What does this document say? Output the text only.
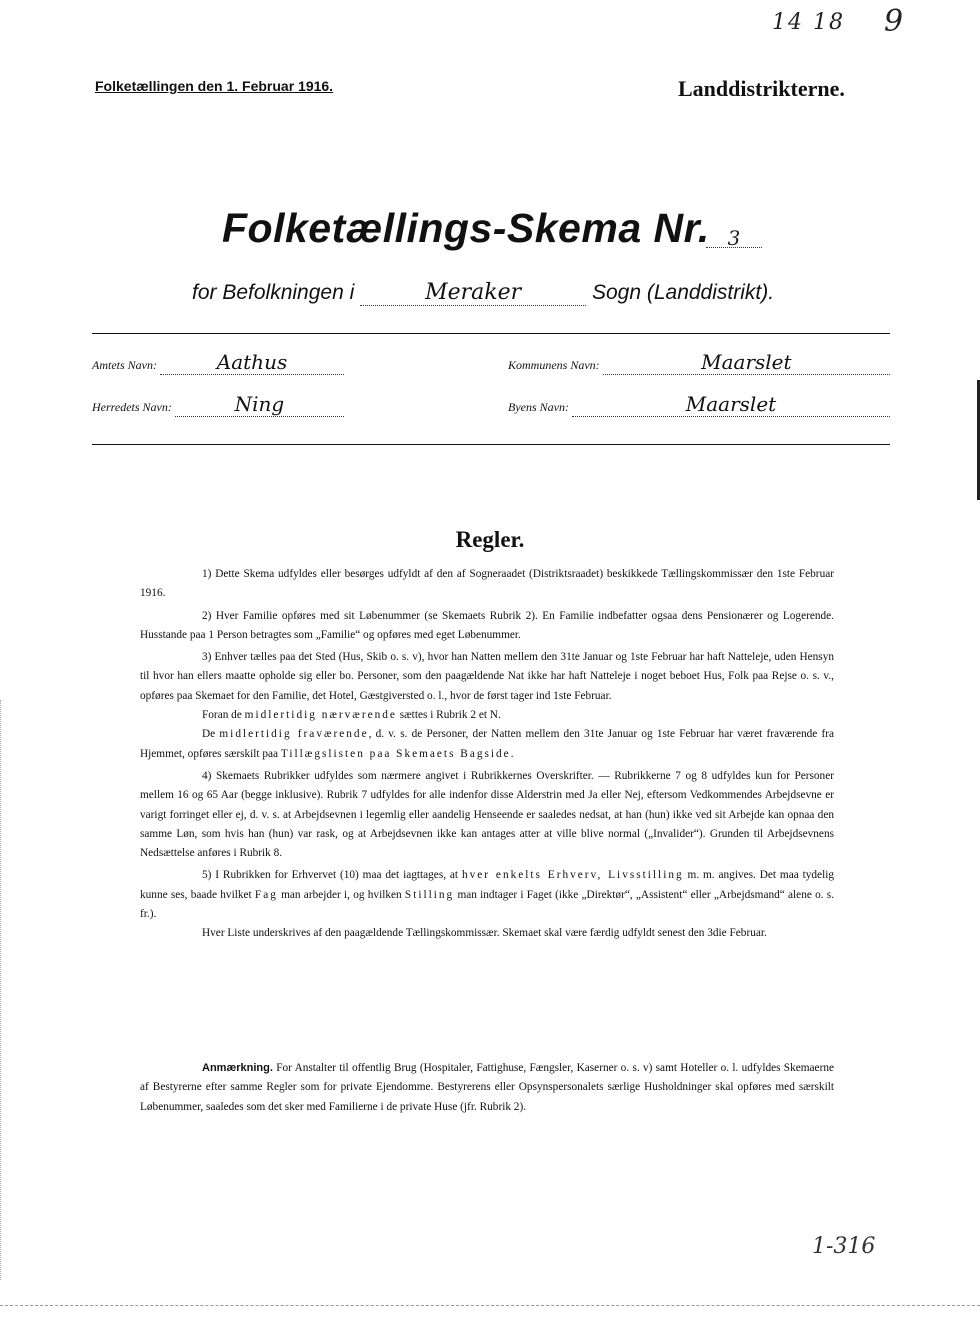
14 18 9
Folketællingen den 1. Februar 1916.	Landdistrikterne.
Folketællings-Skema Nr. 3
for Befolkningen i	Meraker	Sogn (Landdistrikt).
Amtets Navn:	Aathus	Kommunens Navn:	Maarslet
Herredets Navn:	Ning	Byens Navn:	Maarslet
Regler.

1) Dette Skema udfyldes eller besørges udfyldt af den af Sogneraadet (Distriktsraadet) beskikkede Tællingskommissær den 1ste Februar 1916.

2) Hver Familie opføres med sit Løbenummer (se Skemaets Rubrik 2). En Familie indbefatter ogsaa dens Pensionærer og Logerende. Husstande paa 1 Person betragtes som „Familie“ og opføres med eget Løbenummer.

3) Enhver tælles paa det Sted (Hus, Skib o. s. v), hvor han Natten mellem den 31te Januar og 1ste Februar har haft Natteleje, uden Hensyn til hvor han ellers maatte opholde sig eller bo. Personer, som den paagældende Nat ikke har haft Natteleje i noget beboet Hus, Folk paa Rejse o. s. v., opføres paa Skemaet for den Familie, det Hotel, Gæstgiversted o. l., hvor de først tager ind 1ste Februar.

Foran de midlertidig nærværende sættes i Rubrik 2 et N.

De midlertidig fraværende, d. v. s. de Personer, der Natten mellem den 31te Januar og 1ste Februar har været fraværende fra Hjemmet, opføres særskilt paa Tillægslisten paa Skemaets Bagside.

4) Skemaets Rubrikker udfyldes som nærmere angivet i Rubrikkernes Overskrifter. — Rubrikkerne 7 og 8 udfyldes kun for Personer mellem 16 og 65 Aar (begge inklusive). Rubrik 7 udfyldes for alle indenfor disse Alderstrin med Ja eller Nej, eftersom Vedkommendes Arbejdsevne er varigt forringet eller ej, d. v. s. at Arbejdsevnen i legemlig eller aandelig Henseende er saaledes nedsat, at han (hun) ikke ved sit Arbejde kan opnaa den samme Løn, som hvis han (hun) var rask, og at Arbejdsevnen ikke kan antages atter at ville blive normal („Invalider“). Grunden til Arbejdsevnens Nedsættelse anføres i Rubrik 8.

5) I Rubrikken for Erhvervet (10) maa det iagttages, at hver enkelts Erhverv, Livsstilling m. m. angives. Det maa tydelig kunne ses, baade hvilket Fag man arbejder i, og hvilken Stilling man indtager i Faget (ikke „Direktør“, „Assistent“ eller „Arbejdsmand“ alene o. s. fr.).

Hver Liste underskrives af den paagældende Tællingskommissær. Skemaet skal være færdig udfyldt senest den 3die Februar.

Anmærkning. For Anstalter til offentlig Brug (Hospitaler, Fattighuse, Fængsler, Kaserner o. s. v) samt Hoteller o. l. udfyldes Skemaerne af Bestyrerne efter samme Regler som for private Ejendomme. Bestyrerens eller Opsynspersonalets særlige Husholdninger skal opføres med særskilt Løbenummer, saaledes som det sker med Familierne i de private Huse (jfr. Rubrik 2).

1-316
